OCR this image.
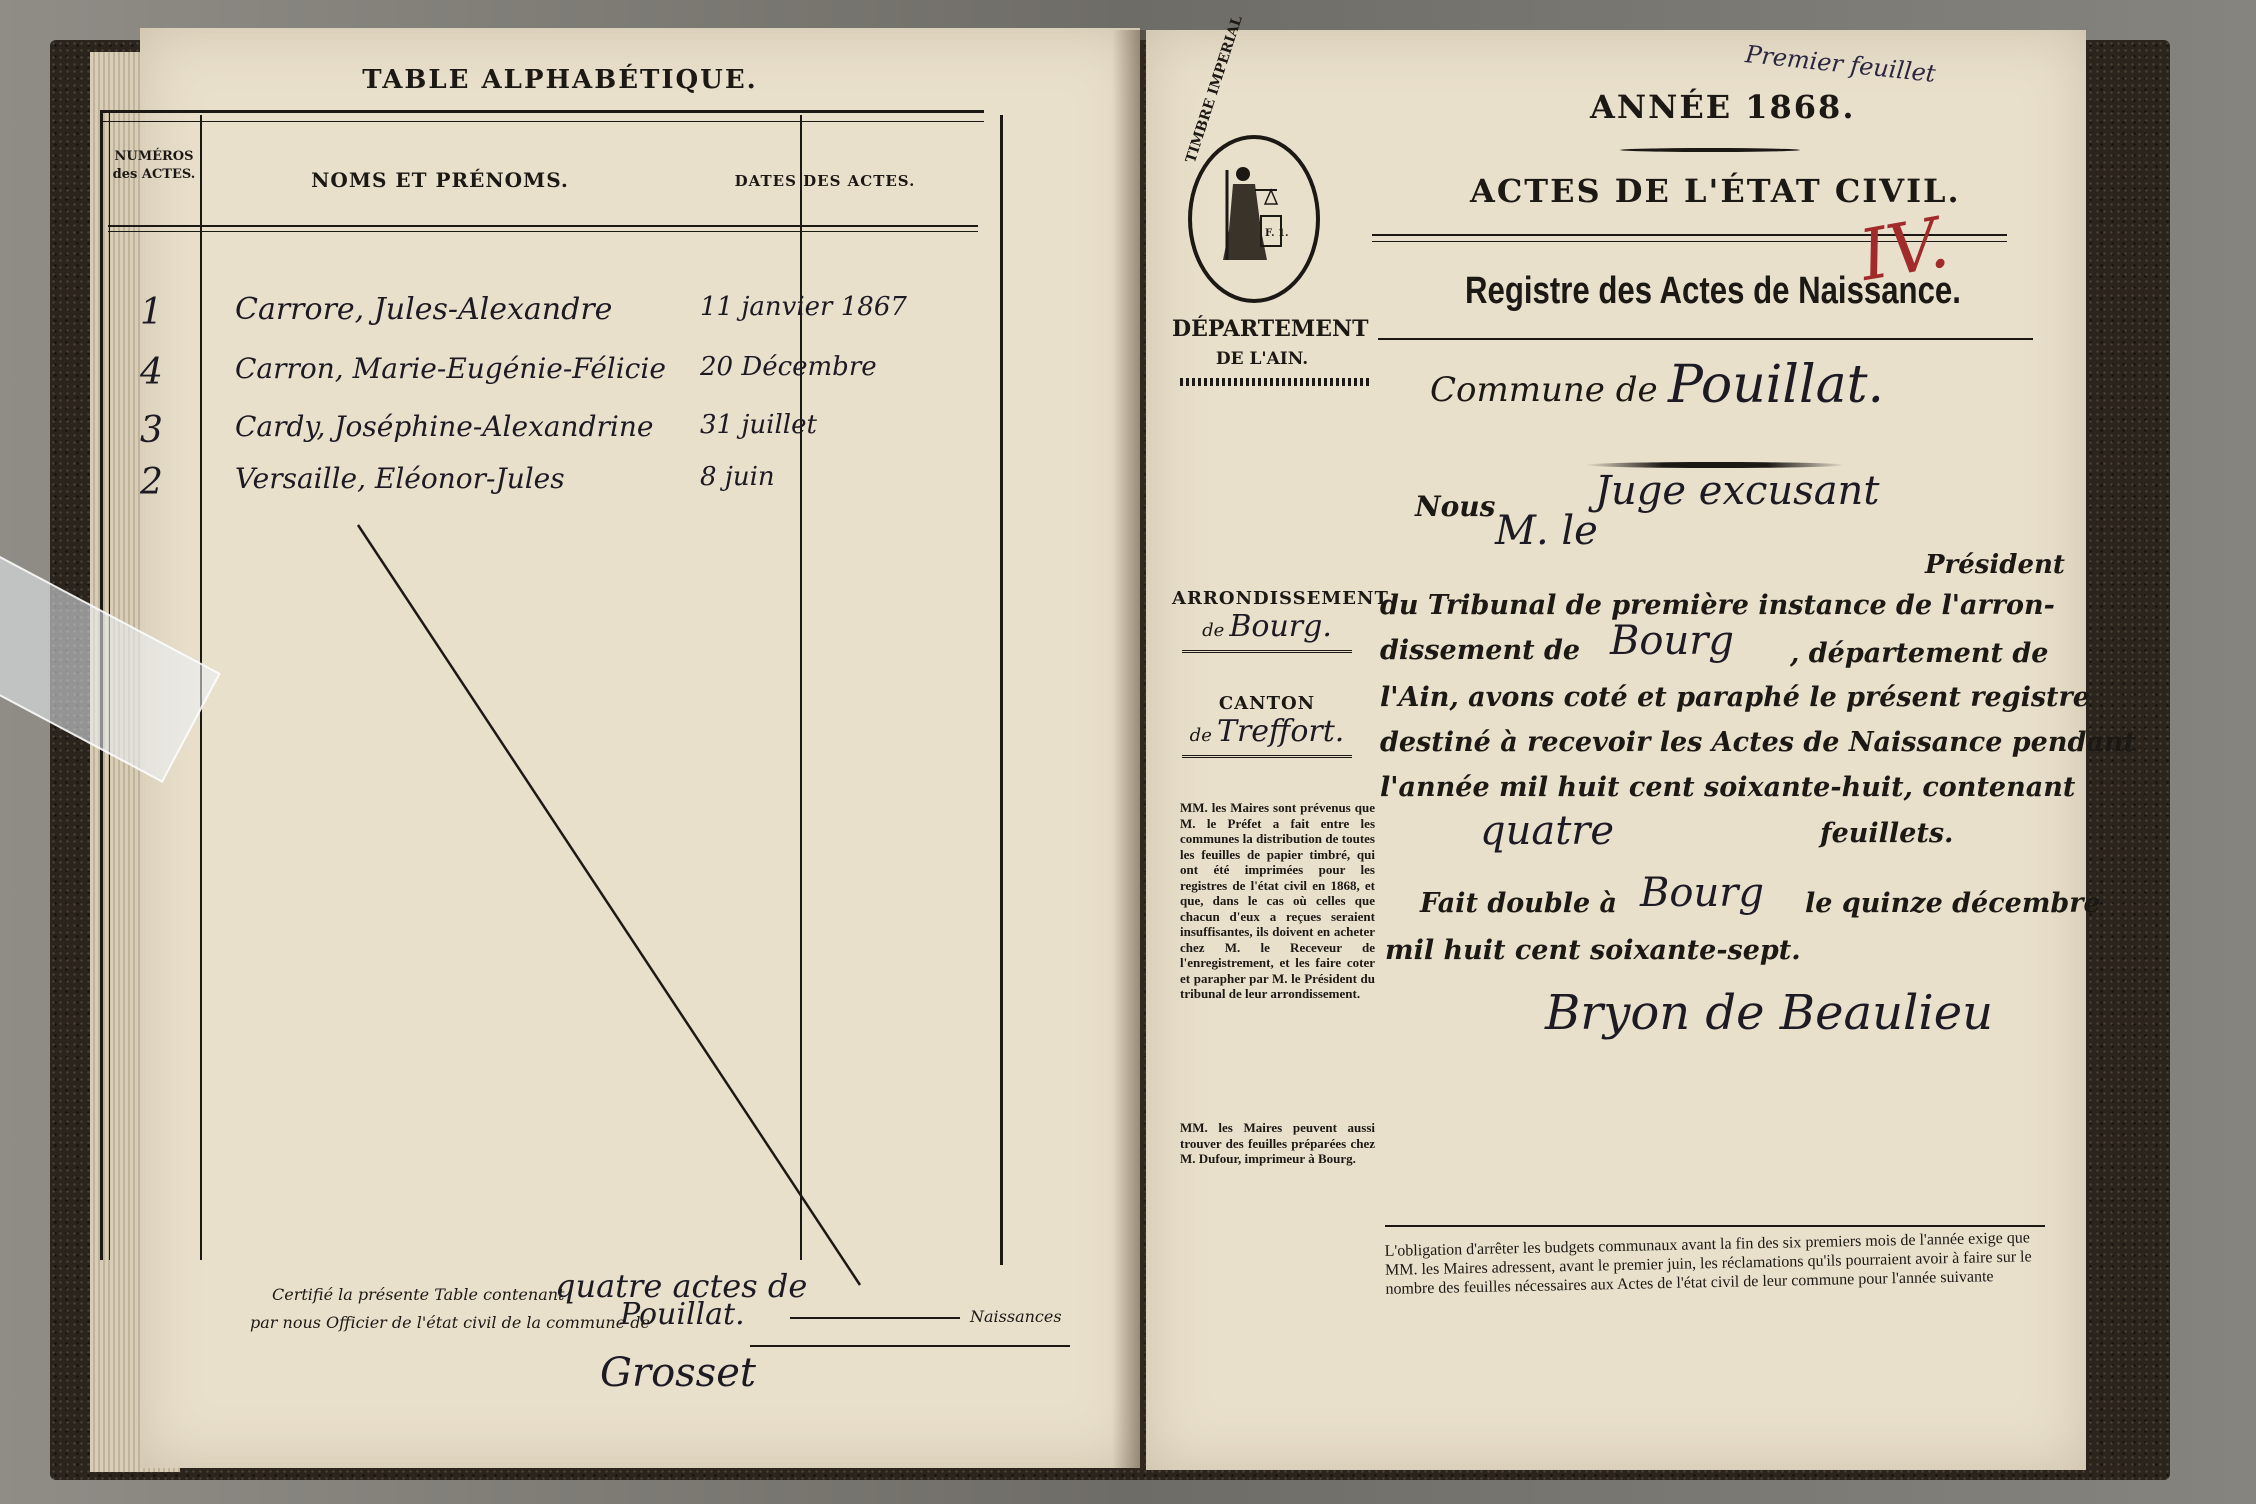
TABLE ALPHABÉTIQUE.
NUMÉROS des ACTES.	NOMS ET PRÉNOMS.	DATES DES ACTES.
1	Carrore, Jules-Alexandre	11 janvier 1867
4	Carron, Marie-Eugénie-Félicie	20 Décembre
3	Cardy, Joséphine-Alexandrine	31 juillet
2	Versaille, Eléonor-Jules	8 juin
Certifié la présente Table contenant
quatre actes de
Naissances
par nous Officier de l'état civil de la commune de
Pouillat.
Grosset
Premier feuillet
ANNÉE 1868.
TIMBRE IMPERIAL
F. 1.
DÉPARTEMENT
DE L'AIN.
ACTES DE L'ÉTAT CIVIL.
Registre des Actes de Naissance.
IV.
Commune de Pouillat.
ARRONDISSEMENT
de Bourg.
CANTON
de Treffort.
MM. les Maires sont prévenus que M. le Préfet a fait entre les communes la distribution de toutes les feuilles de papier timbré, qui ont été imprimées pour les registres de l'état civil en 1868, et que, dans le cas où celles que chacun d'eux a reçues seraient insuffisantes, ils doivent en acheter chez M. le Receveur de l'enregistrement, et les faire coter et parapher par M. le Président du tribunal de leur arrondissement.
MM. les Maires peuvent aussi trouver des feuilles préparées chez M. Dufour, imprimeur à Bourg.
Nous Juge excusant
M. le
Président
du Tribunal de première instance de l'arron-
dissement de Bourg , département de
l'Ain, avons coté et paraphé le présent registre
destiné à recevoir les Actes de Naissance pendant
l'année mil huit cent soixante-huit, contenant
quatre	feuillets.
Fait double à Bourg le quinze décembre
mil huit cent soixante-sept.
Bryon de Beaulieu
L'obligation d'arrêter les budgets communaux avant la fin des six premiers mois de l'année exige que MM. les Maires adressent, avant le premier juin, les réclamations qu'ils pourraient avoir à faire sur le nombre des feuilles nécessaires aux Actes de l'état civil de leur commune pour l'année suivante
